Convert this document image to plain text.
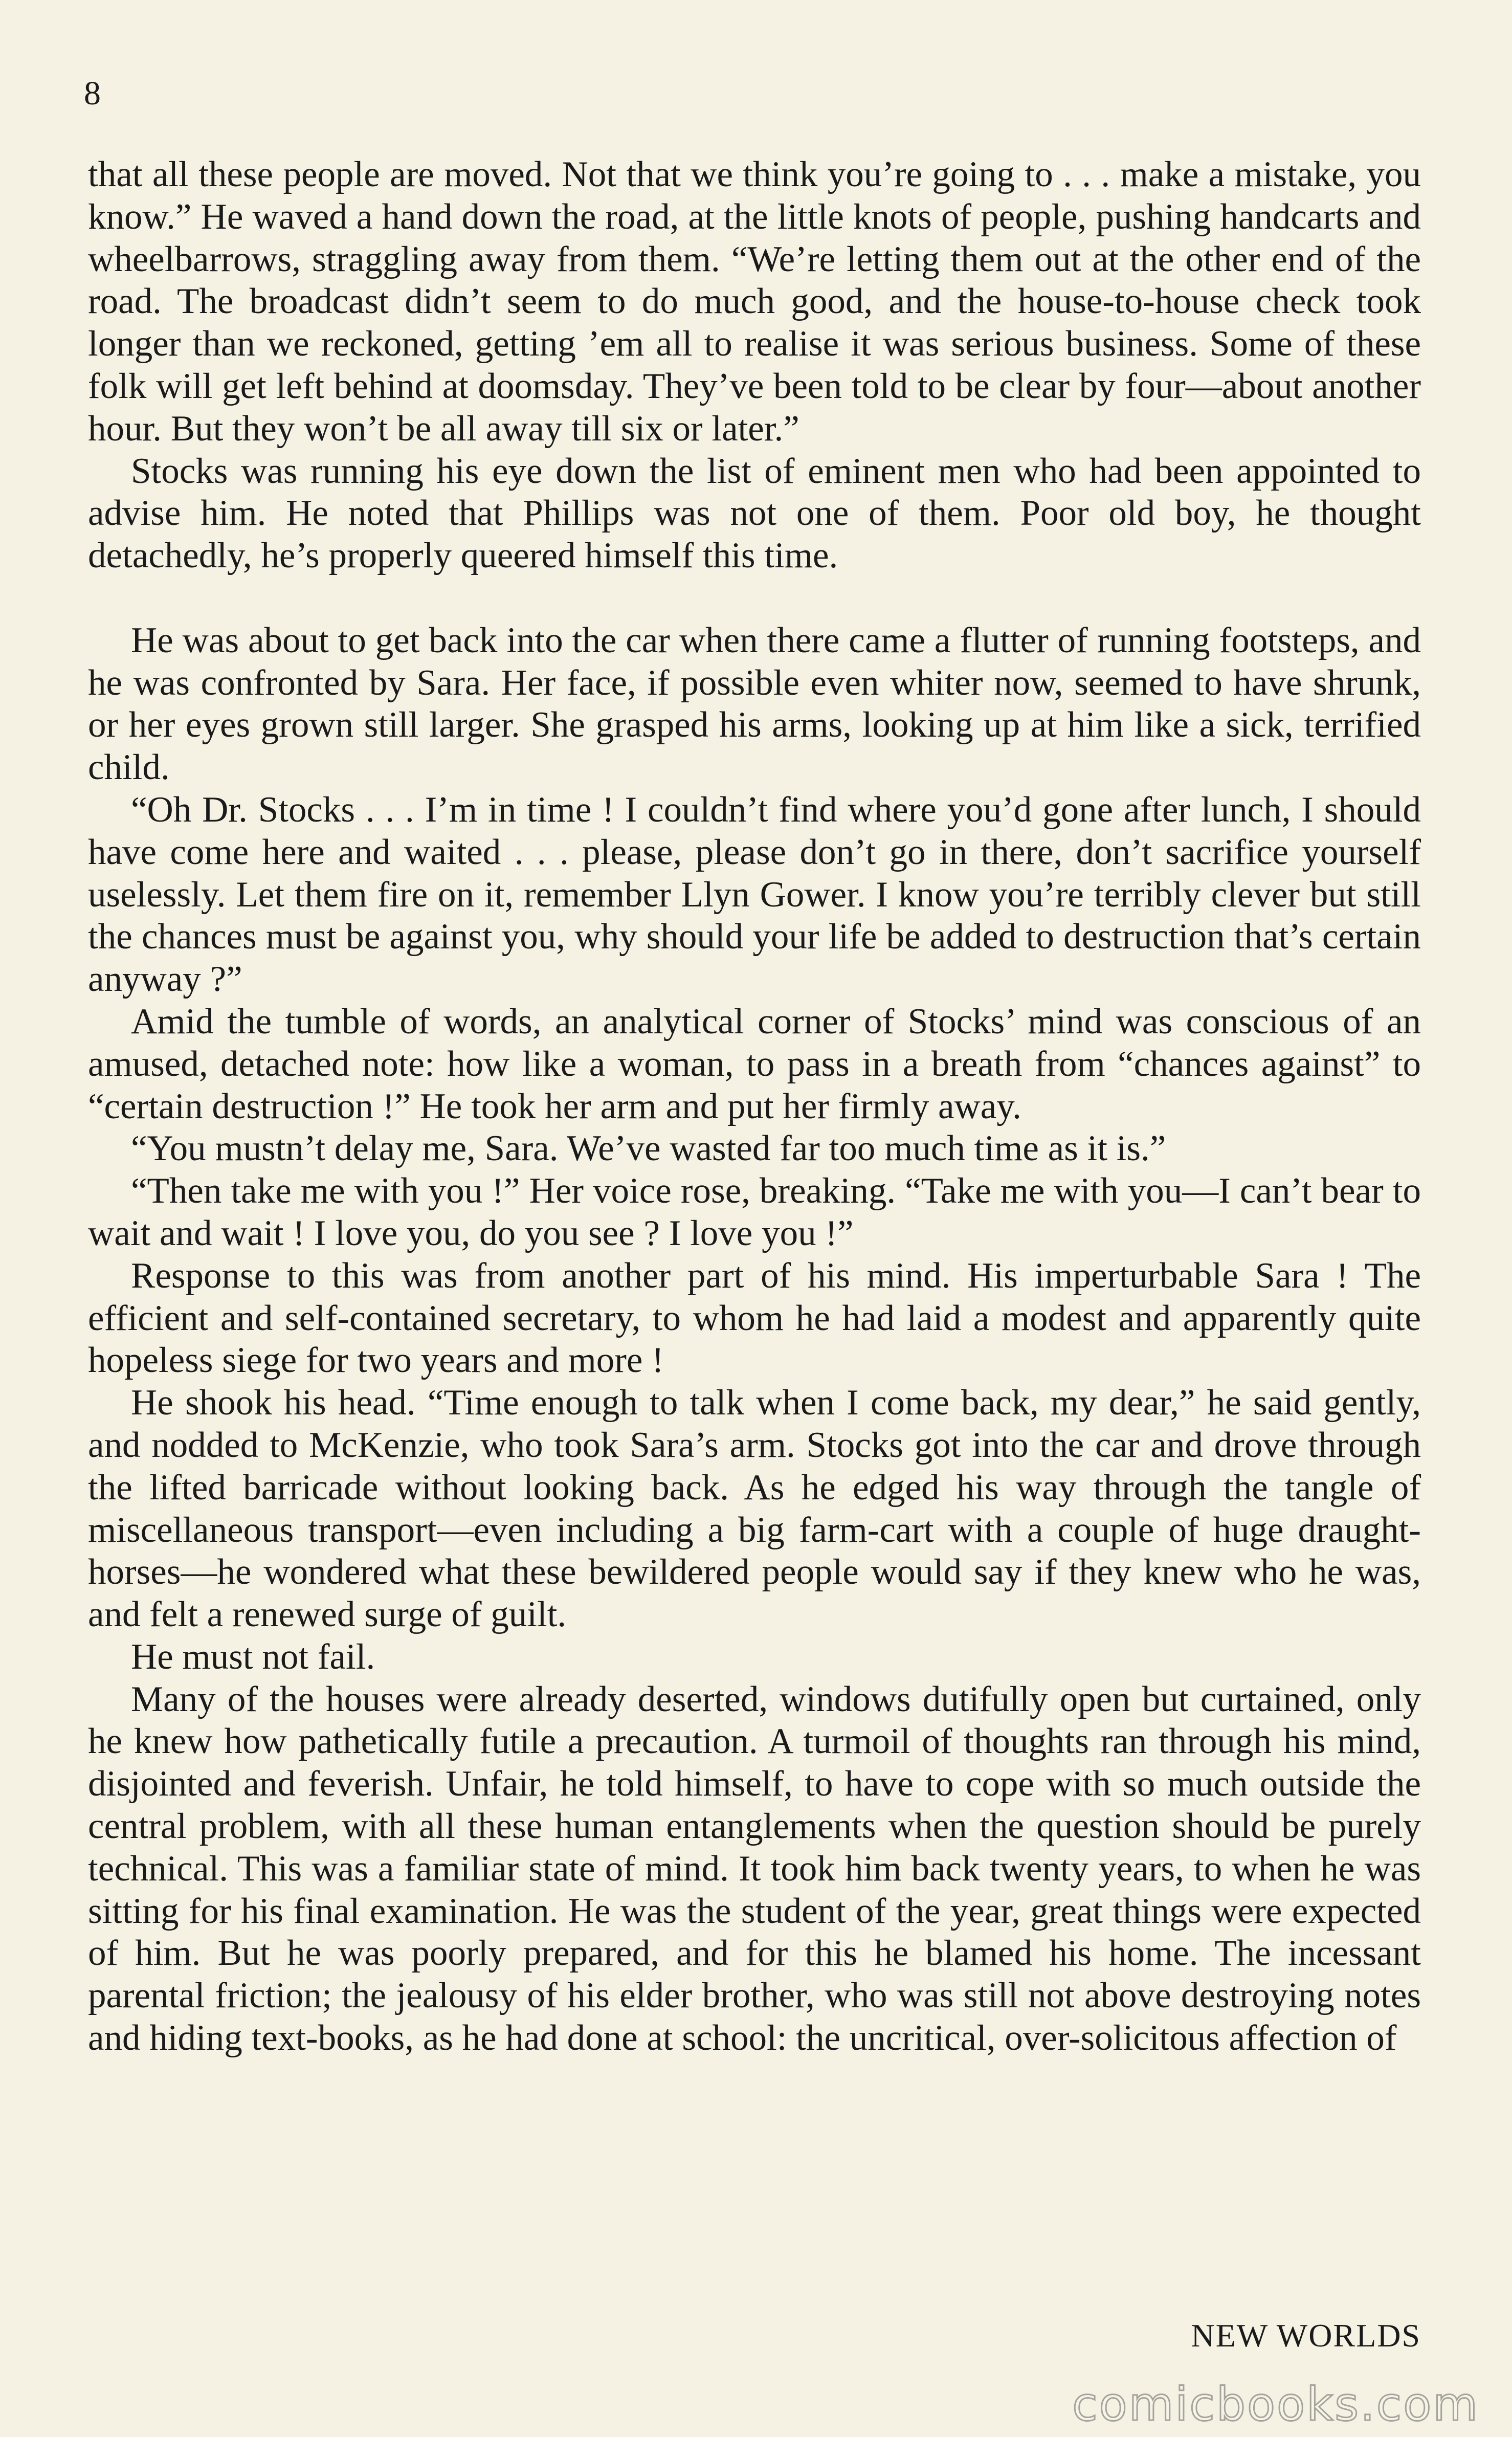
8

that all these people are moved. Not that we think you’re going to . . . make a mistake, you know.” He waved a hand down the road, at the little knots of people, pushing handcarts and wheelbarrows, straggling away from them. “We’re letting them out at the other end of the road. The broadcast didn’t seem to do much good, and the house-to-house check took longer than we reckoned, getting ’em all to realise it was serious business. Some of these folk will get left behind at doomsday. They’ve been told to be clear by four—about another hour. But they won’t be all away till six or later.”

Stocks was running his eye down the list of eminent men who had been appointed to advise him. He noted that Phillips was not one of them. Poor old boy, he thought detachedly, he’s properly queered himself this time.

He was about to get back into the car when there came a flutter of running footsteps, and he was confronted by Sara. Her face, if possible even whiter now, seemed to have shrunk, or her eyes grown still larger. She grasped his arms, looking up at him like a sick, terrified child.

“Oh Dr. Stocks . . . I’m in time ! I couldn’t find where you’d gone after lunch, I should have come here and waited . . . please, please don’t go in there, don’t sacrifice yourself uselessly. Let them fire on it, remember Llyn Gower. I know you’re terribly clever but still the chances must be against you, why should your life be added to destruction that’s certain anyway ?”

Amid the tumble of words, an analytical corner of Stocks’ mind was conscious of an amused, detached note: how like a woman, to pass in a breath from “chances against” to “certain destruction !” He took her arm and put her firmly away.

“You mustn’t delay me, Sara. We’ve wasted far too much time as it is.”

“Then take me with you !” Her voice rose, breaking. “Take me with you—I can’t bear to wait and wait ! I love you, do you see ? I love you !”

Response to this was from another part of his mind. His imperturbable Sara ! The efficient and self-contained secretary, to whom he had laid a modest and apparently quite hopeless siege for two years and more !

He shook his head. “Time enough to talk when I come back, my dear,” he said gently, and nodded to McKenzie, who took Sara’s arm. Stocks got into the car and drove through the lifted barricade without looking back. As he edged his way through the tangle of miscellaneous transport—even including a big farm-cart with a couple of huge draught-horses—he wondered what these bewildered people would say if they knew who he was, and felt a renewed surge of guilt.

He must not fail.

Many of the houses were already deserted, windows dutifully open but curtained, only he knew how pathetically futile a precaution. A turmoil of thoughts ran through his mind, disjointed and feverish. Unfair, he told himself, to have to cope with so much outside the central problem, with all these human entanglements when the question should be purely technical. This was a familiar state of mind. It took him back twenty years, to when he was sitting for his final examination. He was the student of the year, great things were expected of him. But he was poorly prepared, and for this he blamed his home. The incessant parental friction; the jealousy of his elder brother, who was still not above destroying notes and hiding text-books, as he had done at school: the uncritical, over-solicitous affection of

NEW WORLDS
comicbooks.com
